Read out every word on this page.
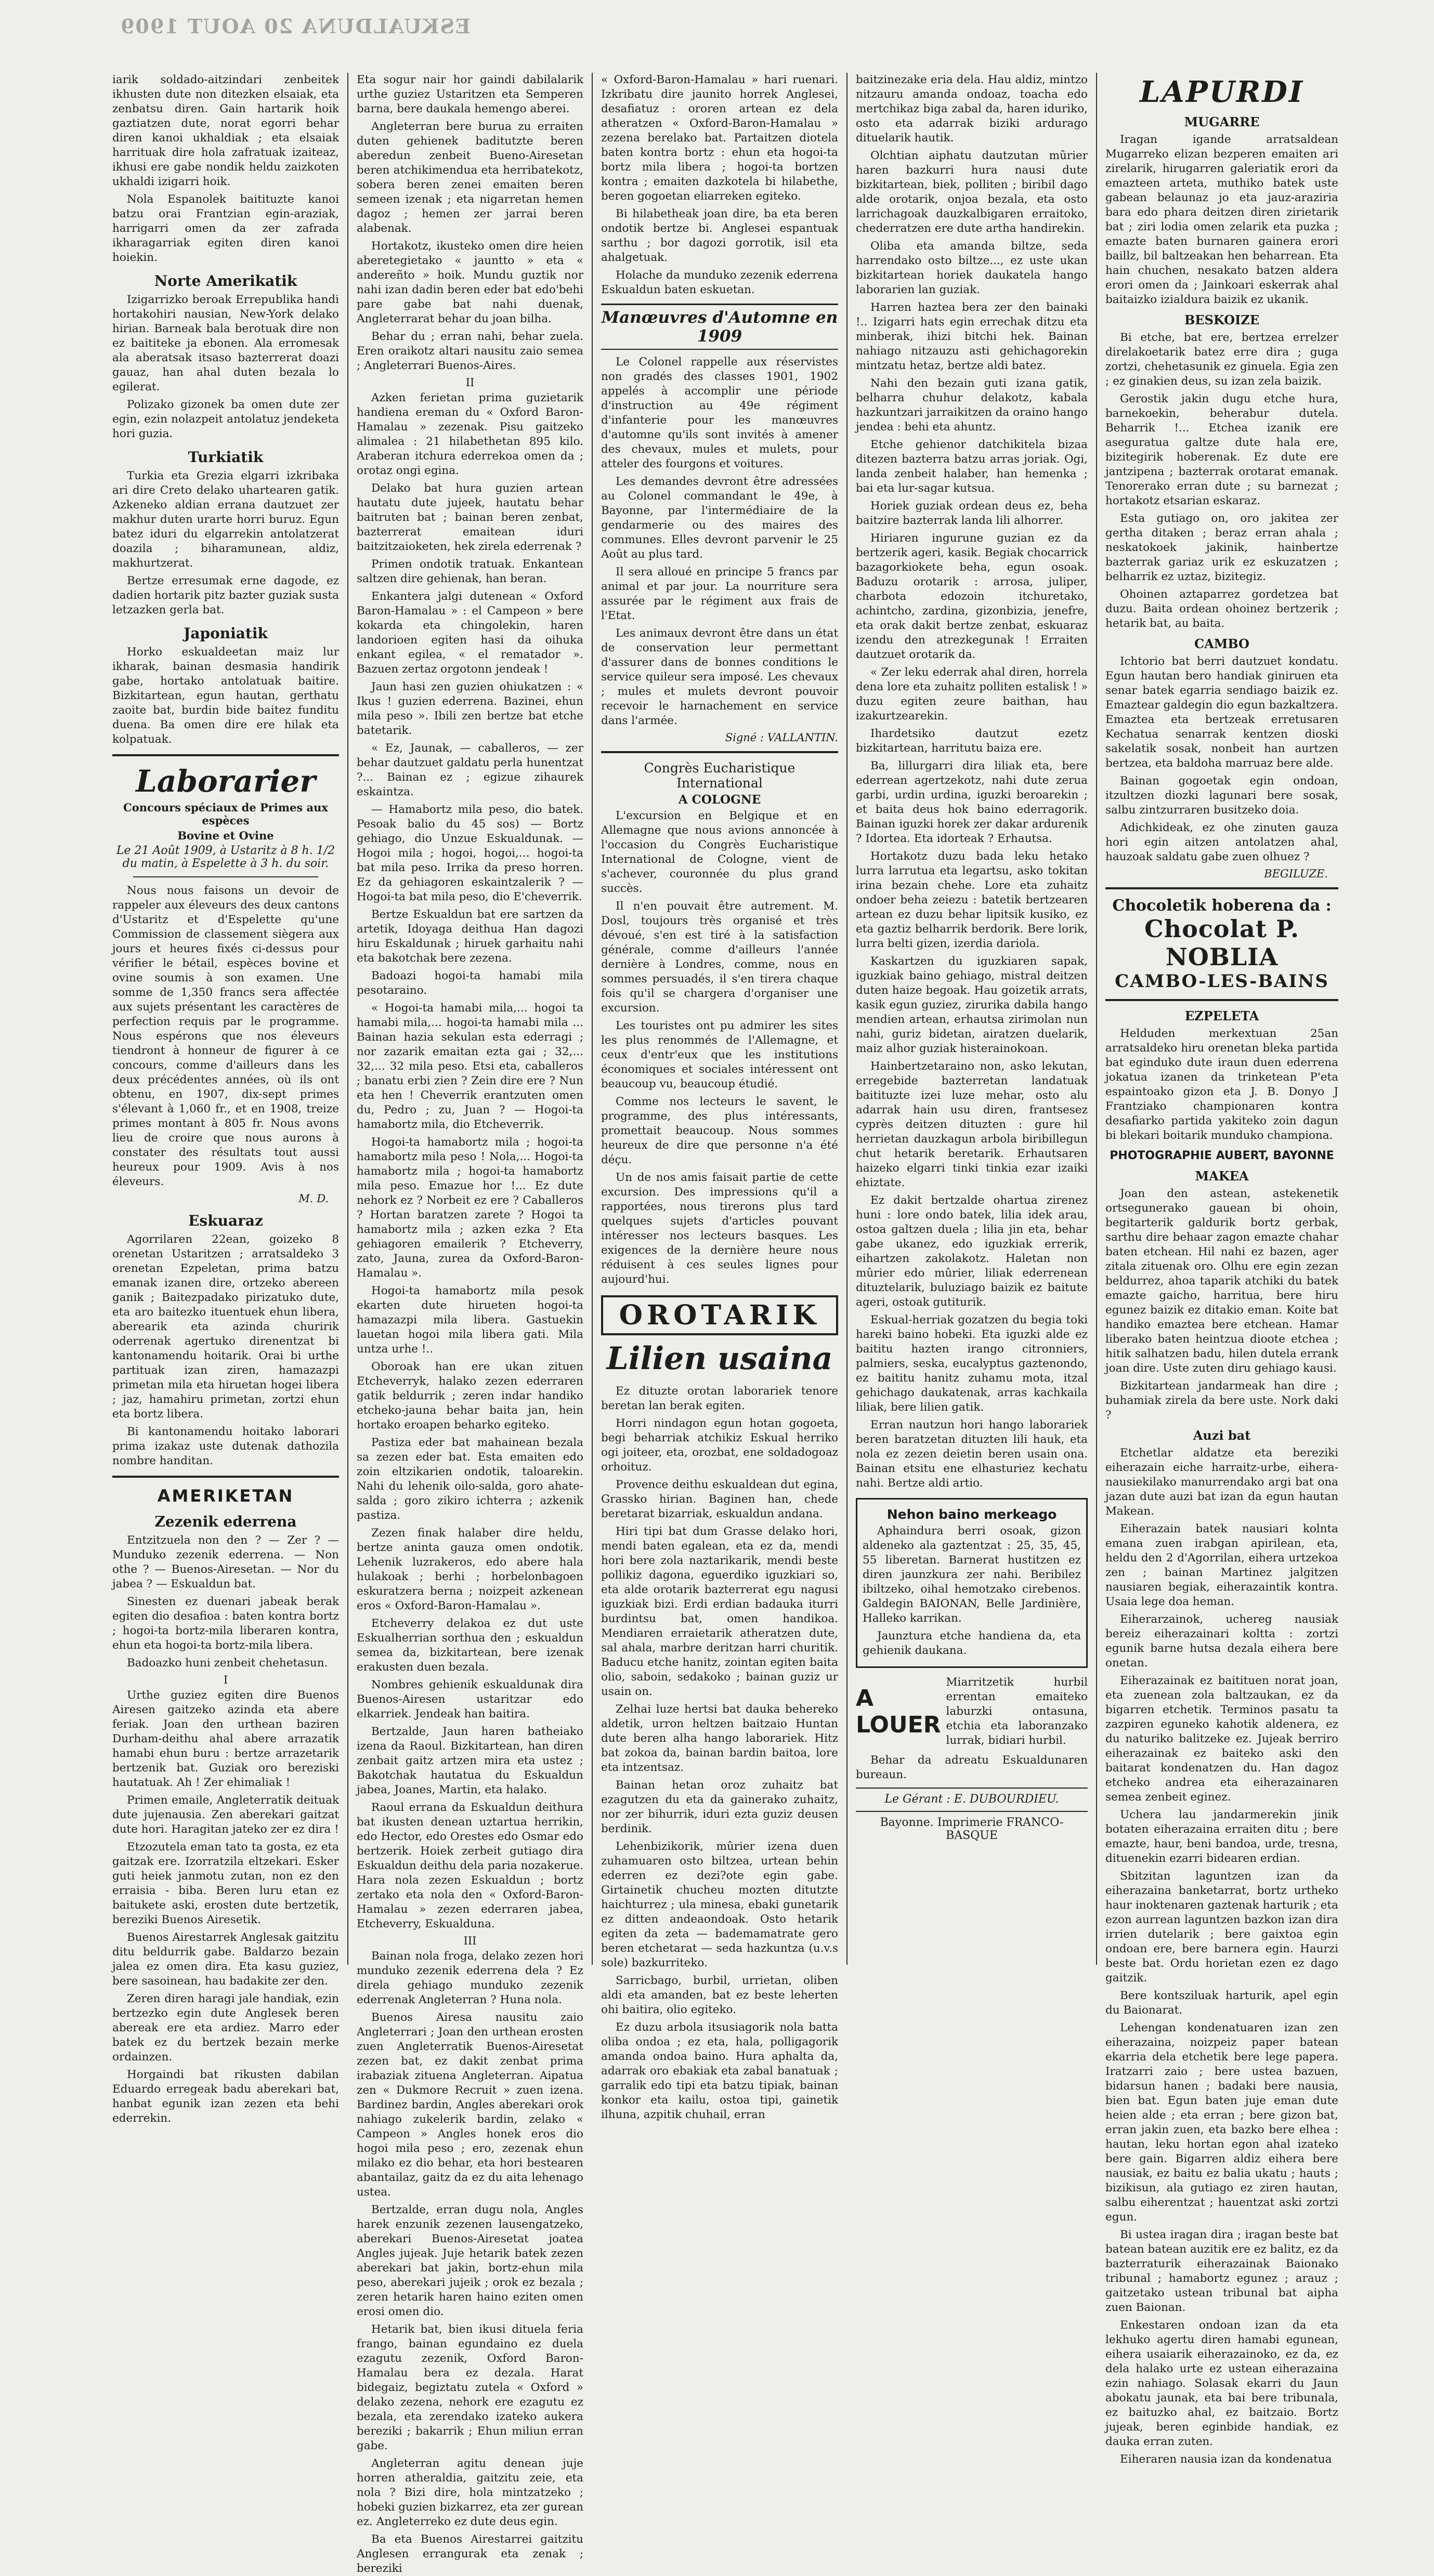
ESKUALDUNA 20 AOUT 1909

iarik soldado-aitzindari zenbeitek ikhusten dute non ditezken elsaiak, eta zenbatsu diren. Gain hartarik hoik gaztiatzen dute, norat egorri behar diren kanoi ukhaldiak ; eta elsaiak harrituak dire hola zafratuak izaiteaz, ikhusi ere gabe nondik heldu zaizkoten ukhaldi izigarri hoik.

Nola Espanolek baitituzte kanoi batzu orai Frantzian egin-araziak, harrigarri omen da zer zafrada ikharagarriak egiten diren kanoi hoiekin.

Norte Amerikatik

Izigarrizko beroak Errepublika handi hortakohiri nausian, New-York delako hirian. Barneak bala berotuak dire non ez baititeke ja ebonen. Ala erromesak ala aberatsak itsaso bazterrerat doazi gauaz, han ahal duten bezala lo egilerat.

Polizako gizonek ba omen dute zer egin, ezin nolazpeit antolatuz jendeketa hori guzia.

Turkiatik

Turkia eta Grezia elgarri izkribaka ari dire Creto delako uhartearen gatik. Azkeneko aldian errana dautzuet zer makhur duten urarte horri buruz. Egun batez iduri du elgarrekin antolatzerat doazila ; biharamunean, aldiz, makhurtzerat.

Bertze erresumak erne dagode, ez dadien hortarik pitz bazter guziak susta letzazken gerla bat.

Japoniatik

Horko eskualdeetan maiz lur ikharak, bainan desmasia handirik gabe, hortako antolatuak baitire. Bizkitartean, egun hautan, gerthatu zaoite bat, burdin bide baitez funditu duena. Ba omen dire ere hilak eta kolpatuak.

Laborarier
Concours spéciaux de Primes aux espèces
Bovine et Ovine
Le 21 Août 1909, à Ustaritz à 8 h. 1/2 du matin, à Espelette à 3 h. du soir.

Nous nous faisons un devoir de rappeler aux éleveurs des deux cantons d'Ustaritz et d'Espelette qu'une Commission de classement siègera aux jours et heures fixés ci-dessus pour vérifier le bétail, espèces bovine et ovine soumis à son examen. Une somme de 1,350 francs sera affectée aux sujets présentant les caractères de perfection requis par le programme. Nous espérons que nos éleveurs tiendront à honneur de figurer à ce concours, comme d'ailleurs dans les deux précédentes années, où ils ont obtenu, en 1907, dix-sept primes s'élevant à 1,060 fr., et en 1908, treize primes montant à 805 fr. Nous avons lieu de croire que nous aurons à constater des résultats tout aussi heureux pour 1909. Avis à nos éleveurs.

M. D.
Eskuaraz

Agorrilaren 22ean, goizeko 8 orenetan Ustaritzen ; arratsaldeko 3 orenetan Ezpeletan, prima batzu emanak izanen dire, ortzeko abereen ganik ; Baitezpadako pirizatuko dute, eta aro baitezko ituentuek ehun libera, aberearik eta azinda churirik oderrenak agertuko direnentzat bi kantonamendu hoitarik. Orai bi urthe partituak izan ziren, hamazazpi primetan mila eta hiruetan hogei libera ; jaz, hamahiru primetan, zortzi ehun eta bortz libera.

Bi kantonamendu hoitako laborari prima izakaz uste dutenak dathozila nombre handitan.

AMERIKETAN
Zezenik ederrena

Entzitzuela non den ? — Zer ? — Munduko zezenik ederrena. — Non othe ? — Buenos-Airesetan. — Nor du jabea ? — Eskualdun bat.

Sinesten ez duenari jabeak berak egiten dio desafioa : baten kontra bortz ; hogoi-ta bortz-mila liberaren kontra, ehun eta hogoi-ta bortz-mila libera.

Badoazko huni zenbeit chehetasun.

I

Urthe guziez egiten dire Buenos Airesen gaitzeko azinda eta abere feriak. Joan den urthean baziren Durham-deithu ahal abere arrazatik hamabi ehun buru : bertze arrazetarik bertzenik bat. Guziak oro bereziski hautatuak. Ah ! Zer ehimaliak !

Primen emaile, Angleterratik deituak dute jujenausia. Zen aberekari gaitzat dute hori. Haragitan jateko zer ez dira !

Etzozutela eman tato ta gosta, ez eta gaitzak ere. Izorratzila eltzekari. Esker guti heiek janmotu zutan, non ez den erraisia - biba. Beren luru etan ez baitukete aski, erosten dute bertzetik, bereziki Buenos Airesetik.

Buenos Airestarrek Anglesak gaitzitu ditu beldurrik gabe. Baldarzo bezain jalea ez omen dira. Eta kasu guziez, bere sasoinean, hau badakite zer den.

Zeren diren haragi jale handiak, ezin bertzezko egin dute Anglesek beren abereak ere eta ardiez. Marro eder batek ez du bertzek bezain merke ordainzen.

Horgaindi bat rikusten dabilan Eduardo erregeak badu aberekari bat, hanbat egunik izan zezen eta behi ederrekin.

Eta sogur nair hor gaindi dabilalarik urthe guziez Ustaritzen eta Semperen barna, bere daukala hemengo aberei.

Angleterran bere burua zu erraiten duten gehienek baditutzte beren aberedun zenbeit Bueno-Airesetan beren atchikimendua eta herribatekotz, sobera beren zenei emaiten beren semeen izenak ; eta nigarretan hemen dagoz ; hemen zer jarrai beren alabenak.

Hortakotz, ikusteko omen dire heien aberetegietako « jauntto » eta « andereñto » hoik. Mundu guztik nor nahi izan dadin beren eder bat edo'behi pare gabe bat nahi duenak, Angleterrarat behar du joan bilha.

Behar du ; erran nahi, behar zuela. Eren oraikotz altari nausitu zaio semea ; Angleterrari Buenos-Aires.

II

Azken ferietan prima guzietarik handiena ereman du « Oxford Baron-Hamalau » zezenak. Pisu gaitzeko alimalea : 21 hilabethetan 895 kilo. Araberan itchura ederrekoa omen da ; orotaz ongi egina.

Delako bat hura guzien artean hautatu dute jujeek, hautatu behar baitruten bat ; bainan beren zenbat, bazterrerat emaitean iduri baitzitzaioketen, hek zirela ederrenak ?

Primen ondotik tratuak. Enkantean saltzen dire gehienak, han beran.

Enkantera jalgi dutenean « Oxford Baron-Hamalau » : el Campeon » bere kokarda eta chingolekin, haren landorioen egiten hasi da oihuka enkant egilea, « el rematador ». Bazuen zertaz orgotonn jendeak !

Jaun hasi zen guzien ohiukatzen : « Ikus ! guzien ederrena. Bazinei, ehun mila peso ». Ibili zen bertze bat etche batetarik.

« Ez, Jaunak, — caballeros, — zer behar dautzuet galdatu perla hunentzat ?... Bainan ez ; egizue zihaurek eskaintza.

— Hamabortz mila peso, dio batek. Pesoak balio du 45 sos) — Bortz gehiago, dio Unzue Eskualdunak. — Hogoi mila ; hogoi, hogoi,... hogoi-ta bat mila peso. Irrika da preso horren. Ez da gehiagoren eskaintzalerik ? — Hogoi-ta bat mila peso, dio E'cheverrik.

Bertze Eskualdun bat ere sartzen da artetik, Idoyaga deithua Han dagozi hiru Eskaldunak ; hiruek garhaitu nahi eta bakotchak bere zezena.

Badoazi hogoi-ta hamabi mila pesotaraino.

« Hogoi-ta hamabi mila,... hogoi ta hamabi mila,... hogoi-ta hamabi mila ... Bainan hazia sekulan esta ederragi ; nor zazarik emaitan ezta gai ; 32,... 32,... 32 mila peso. Etsi eta, caballeros ; banatu erbi zien ? Zein dire ere ? Nun eta hen ! Cheverrik erantzuten omen du, Pedro ; zu, Juan ? — Hogoi-ta hamabortz mila, dio Etcheverrik.

Hogoi-ta hamabortz mila ; hogoi-ta hamabortz mila peso ! Nola,... Hogoi-ta hamabortz mila ; hogoi-ta hamabortz mila peso. Emazue hor !... Ez dute nehork ez ? Norbeit ez ere ? Caballeros ? Hortan baratzen zarete ? Hogoi ta hamabortz mila ; azken ezka ? Eta gehiagoren emailerik ? Etcheverry, zato, Jauna, zurea da Oxford-Baron-Hamalau ».

Hogoi-ta hamabortz mila pesok ekarten dute hirueten hogoi-ta hamazazpi mila libera. Gastuekin lauetan hogoi mila libera gati. Mila untza urhe !..

Oboroak han ere ukan zituen Etcheverryk, halako zezen ederraren gatik beldurrik ; zeren indar handiko etcheko-jauna behar baita jan, hein hortako eroapen beharko egiteko.

Pastiza eder bat mahainean bezala sa zezen eder bat. Esta emaiten edo zoin eltzikarien ondotik, taloarekin. Nahi du lehenik oilo-salda, goro ahate-salda ; goro zikiro ichterra ; azkenik pastiza.

Zezen finak halaber dire heldu, bertze aninta gauza omen ondotik. Lehenik luzrakeros, edo abere hala hulakoak ; berhi ; horbelonbagoen eskuratzera berna ; noizpeit azkenean eros « Oxford-Baron-Hamalau ».

Etcheverry delakoa ez dut uste Eskualherrian sorthua den ; eskualdun semea da, bizkitartean, bere izenak erakusten duen bezala.

Nombres gehienik eskualdunak dira Buenos-Airesen ustaritzar edo elkarriek. Jendeak han baitira.

Bertzalde, Jaun haren batheiako izena da Raoul. Bizkitartean, han diren zenbait gaitz artzen mira eta ustez ; Bakotchak hautatua du Eskualdun jabea, Joanes, Martin, eta halako.

Raoul errana da Eskualdun deithura bat ikusten denean uztartua herrikin, edo Hector, edo Orestes edo Osmar edo bertzerik. Hoiek zerbeit gutiago dira Eskualdun deithu dela paria nozakerue. Hara nola zezen Eskualdun ; bortz zertako eta nola den « Oxford-Baron-Hamalau » zezen ederraren jabea, Etcheverry, Eskualduna.

III

Bainan nola froga, delako zezen hori munduko zezenik ederrena dela ? Ez direla gehiago munduko zezenik ederrenak Angleterran ? Huna nola.

Buenos Airesa nausitu zaio Angleterrari ; Joan den urthean erosten zuen Angleterratik Buenos-Airesetat zezen bat, ez dakit zenbat prima irabaziak zituena Angleterran. Aipatua zen « Dukmore Recruit » zuen izena. Bardinez bardin, Angles aberekari orok nahiago zukelerik bardin, zelako « Campeon » Angles honek eros dio hogoi mila peso ; ero, zezenak ehun milako ez dio behar, eta hori bestearen abantailaz, gaitz da ez du aita lehenago ustea.

Bertzalde, erran dugu nola, Angles harek enzunik zezenen lausengatzeko, aberekari Buenos-Airesetat joatea Angles jujeak. Juje hetarik batek zezen aberekari bat jakin, bortz-ehun mila peso, aberekari jujeik ; orok ez bezala ; zeren hetarik haren haino eziten omen erosi omen dio.

Hetarik bat, bien ikusi dituela feria frango, bainan egundaino ez duela ezagutu zezenik, Oxford Baron-Hamalau bera ez dezala. Harat bidegaiz, begiztatu zutela « Oxford » delako zezena, nehork ere ezagutu ez bezala, eta zerendako izateko aukera bereziki ; bakarrik ; Ehun miliun erran gabe.

Angleterran agitu denean juje horren atheraldia, gaitzitu zeie, eta nola ? Bizi dire, hola mintzatzeko ; hobeki guzien bizkarrez, eta zer gurean ez. Angleterreko ez dute deus egin.

Ba eta Buenos Airestarrei gaitzitu Anglesen errangurak eta zenak ; bereziki

« Oxford-Baron-Hamalau » hari ruenari. Izkribatu dire jaunito horrek Anglesei, desafiatuz : ororen artean ez dela atheratzen « Oxford-Baron-Hamalau » zezena berelako bat. Partaitzen diotela baten kontra bortz : ehun eta hogoi-ta bortz mila libera ; hogoi-ta bortzen kontra ; emaiten dazkotela bi hilabethe, beren gogoetan eliarreken egiteko.

Bi hilabetheak joan dire, ba eta beren ondotik bertze bi. Anglesei espantuak sarthu ; bor dagozi gorrotik, isil eta ahalgetuak.

Holache da munduko zezenik ederrena Eskualdun baten eskuetan.

Manœuvres d'Automne en 1909

Le Colonel rappelle aux réservistes non gradés des classes 1901, 1902 appelés à accomplir une période d'instruction au 49e régiment d'infanterie pour les manœuvres d'automne qu'ils sont invités à amener des chevaux, mules et mulets, pour atteler des fourgons et voitures.

Les demandes devront être adressées au Colonel commandant le 49e, à Bayonne, par l'intermédiaire de la gendarmerie ou des maires des communes. Elles devront parvenir le 25 Août au plus tard.

Il sera alloué en principe 5 francs par animal et par jour. La nourriture sera assurée par le régiment aux frais de l'Etat.

Les animaux devront être dans un état de conservation leur permettant d'assurer dans de bonnes conditions le service quileur sera imposé. Les chevaux ; mules et mulets devront pouvoir recevoir le harnachement en service dans l'armée.

Signé : VALLANTIN.
Congrès Eucharistique International
A COLOGNE

L'excursion en Belgique et en Allemagne que nous avions annoncée à l'occasion du Congrès Eucharistique International de Cologne, vient de s'achever, couronnée du plus grand succès.

Il n'en pouvait être autrement. M. Dosl, toujours très organisé et très dévoué, s'en est tiré à la satisfaction générale, comme d'ailleurs l'année dernière à Londres, comme, nous en sommes persuadés, il s'en tirera chaque fois qu'il se chargera d'organiser une excursion.

Les touristes ont pu admirer les sites les plus renommés de l'Allemagne, et ceux d'entr'eux que les institutions économiques et sociales intéressent ont beaucoup vu, beaucoup étudié.

Comme nos lecteurs le savent, le programme, des plus intéressants, promettait beaucoup. Nous sommes heureux de dire que personne n'a été déçu.

Un de nos amis faisait partie de cette excursion. Des impressions qu'il a rapportées, nous tirerons plus tard quelques sujets d'articles pouvant intéresser nos lecteurs basques. Les exigences de la dernière heure nous réduisent à ces seules lignes pour aujourd'hui.

OROTARIK
Lilien usaina

Ez dituzte orotan laborariek tenore beretan lan berak egiten.

Horri nindagon egun hotan gogoeta, begi beharriak atchikiz Eskual herriko ogi joiteer, eta, orozbat, ene soldadogoaz orhoituz.

Provence deithu eskualdean dut egina, Grassko hirian. Baginen han, chede beretarat bizarriak, eskualdun andana.

Hiri tipi bat dum Grasse delako hori, mendi baten egalean, eta ez da, mendi hori bere zola naztarikarik, mendi beste pollikiz dagona, eguerdiko iguzkiari so, eta alde orotarik bazterrerat egu nagusi iguzkiak bizi. Erdi erdian badauka iturri burdintsu bat, omen handikoa. Mendiaren erraietarik atheratzen dute, sal ahala, marbre deritzan harri churitik. Baducu etche hanitz, zointan egiten baita olio, saboin, sedakoko ; bainan guziz ur usain on.

Zelhai luze hertsi bat dauka behereko aldetik, urron heltzen baitzaio Huntan dute beren alha hango laborariek. Hitz bat zokoa da, bainan bardin baitoa, lore eta intzentsaz.

Bainan hetan oroz zuhaitz bat ezagutzen du eta da gainerako zuhaitz, nor zer bihurrik, iduri ezta guziz deusen berdinik.

Lehenbizikorik, mûrier izena duen zuhamuaren osto biltzea, urtean behin ederren ez dezi?ote egin gabe. Girtainetik chucheu mozten ditutzte haichturrez ; ula minesa, ebaki gunetarik ez ditten andeaondoak. Osto hetarik egiten da zeta — bademamatrate gero beren etchetarat — seda hazkuntza (u.v.s sole) bazkurriteko.

Sarricbago, burbil, urrietan, oliben aldi eta amanden, bat ez beste leherten ohi baitira, olio egiteko.

Ez duzu arbola itsusiagorik nola batta oliba ondoa ; ez eta, hala, polligagorik amanda ondoa baino. Hura aphalta da, adarrak oro ebakiak eta zabal banatuak ; garralik edo tipi eta batzu tipiak, bainan konkor eta kailu, ostoa tipi, gainetik ilhuna, azpitik chuhail, erran

baitzinezake eria dela. Hau aldiz, mintzo nitzauru amanda ondoaz, toacha edo mertchikaz biga zabal da, haren iduriko, osto eta adarrak biziki ardurago dituelarik hautik.

Olchtian aiphatu dautzutan mûrier haren bazkurri hura nausi dute bizkitartean, biek, polliten ; biribil dago alde orotarik, onjoa bezala, eta osto larrichagoak dauzkalbigaren erraitoko, chederratzen ere dute artha handirekin.

Oliba eta amanda biltze, seda harrendako osto biltze..., ez uste ukan bizkitartean horiek daukatela hango laborarien lan guziak.

Harren haztea bera zer den bainaki !.. Izigarri hats egin errechak ditzu eta minberak, ihizi bitchi hek. Bainan nahiago nitzauzu asti gehichagorekin mintzatu hetaz, bertze aldi batez.

Nahi den bezain guti izana gatik, belharra chuhur delakotz, kabala hazkuntzari jarraikitzen da oraino hango jendea : behi eta ahuntz.

Etche gehienor datchikitela bizaa ditezen bazterra batzu arras joriak. Ogi, landa zenbeit halaber, han hemenka ; bai eta lur-sagar kutsua.

Horiek guziak ordean deus ez, beha baitzire bazterrak landa lili alhorrer.

Hiriaren ingurune guzian ez da bertzerik ageri, kasik. Begiak chocarrick bazagorkiokete beha, egun osoak. Baduzu orotarik : arrosa, juliper, charbota edozoin itchuretako, achintcho, zardina, gizonbizia, jenefre, eta orak dakit bertze zenbat, eskuaraz izendu den atrezkegunak ! Erraiten dautzuet orotarik da.

« Zer leku ederrak ahal diren, horrela dena lore eta zuhaitz polliten estalisk ! » duzu egiten zeure baithan, hau izakurtzearekin.

Ihardetsiko dautzut ezetz bizkitartean, harritutu baiza ere.

Ba, lillurgarri dira liliak eta, bere ederrean agertzekotz, nahi dute zerua garbi, urdin urdina, iguzki beroarekin ; et baita deus hok baino ederragorik. Bainan iguzki horek zer dakar ardurenik ? Idortea. Eta idorteak ? Erhautsa.

Hortakotz duzu bada leku hetako lurra larrutua eta legartsu, asko tokitan irina bezain chehe. Lore eta zuhaitz ondoer beha zeiezu : batetik bertzearen artean ez duzu behar lipitsik kusiko, ez eta gaztiz belharrik berdorik. Bere lorik, lurra belti gizen, izerdia dariola.

Kaskartzen du iguzkiaren sapak, iguzkiak baino gehiago, mistral deitzen duten haize begoak. Hau goizetik arrats, kasik egun guziez, zirurika dabila hango mendien artean, erhautsa zirimolan nun nahi, guriz bidetan, airatzen duelarik, maiz alhor guziak histerainokoan.

Hainbertzetaraino non, asko lekutan, erregebide bazterretan landatuak baitituzte izei luze mehar, osto alu adarrak hain usu diren, frantsesez cyprès deitzen dituzten : gure hil herrietan dauzkagun arbola biribillegun chut hetarik beretarik. Erhautsaren haizeko elgarri tinki tinkia ezar izaiki ehiztate.

Ez dakit bertzalde ohartua zirenez huni : lore ondo batek, lilia idek arau, ostoa galtzen duela ; lilia jin eta, behar gabe ukanez, edo iguzkiak errerik, eihartzen zakolakotz. Haletan non mûrier edo mûrier, liliak ederrenean dituztelarik, buluziago baizik ez baitute ageri, ostoak gutiturik.

Eskual-herriak gozatzen du begia toki hareki baino hobeki. Eta iguzki alde ez baititu hazten irango citronniers, palmiers, seska, eucalyptus gaztenondo, ez baititu hanitz zuhamu mota, itzal gehichago daukatenak, arras kachkaila liliak, bere lilien gatik.

Erran nautzun hori hango laborariek beren baratzetan dituzten lili hauk, eta nola ez zezen deietin beren usain ona. Bainan etsitu ene elhasturiez kechatu nahi. Bertze aldi artio.

Nehon baino merkeago

Aphaindura berri osoak, gizon aldeneko ala gaztentzat : 25, 35, 45, 55 liberetan. Barnerat hustitzen ez diren jaunzkura zer nahi. Beribilez ibiltzeko, oihal hemotzako cirebenos. Galdegin BAIONAN, Belle Jardinière, Halleko karrikan.

Jaunztura etche handiena da, eta gehienik daukana.

A LOUER

Miarritzetik hurbil errentan emaiteko laburzki ontasuna, etchia eta laboranzako lurrak, bidiari hurbil.

Behar da adreatu Eskualdunaren bureaun.

Le Gérant : E. DUBOURDIEU.
Bayonne. Imprimerie FRANCO-BASQUE
LAPURDI
MUGARRE

Iragan igande arratsaldean Mugarreko elizan bezperen emaiten ari zirelarik, hirugarren galeriatik erori da emazteen arteta, muthiko batek uste gabean belaunaz jo eta jauz-araziria bara edo phara deitzen diren zirietarik bat ; ziri lodia omen zelarik eta puzka ; emazte baten burnaren gainera erori baillz, bil baltzeakan hen beharrean. Eta hain chuchen, nesakato batzen aldera erori omen da ; Jainkoari eskerrak ahal baitaizko izialdura baizik ez ukanik.

BESKOIZE

Bi etche, bat ere, bertzea errelzer direlakoetarik batez erre dira ; guga zortzi, chehetasunik ez ginuela. Egia zen ; ez ginakien deus, su izan zela baizik.

Gerostik jakin dugu etche hura, barnekoekin, beherabur dutela. Beharrik !... Etchea izanik ere aseguratua galtze dute hala ere, bizitegirik hoberenak. Ez dute ere jantzipena ; bazterrak orotarat emanak. Tenorerako erran dute ; su barnezat ; hortakotz etsarian eskaraz.

Esta gutiago on, oro jakitea zer gertha ditaken ; beraz erran ahala ; neskatokoek jakinik, hainbertze bazterrak gariaz urik ez eskuzatzen ; belharrik ez uztaz, bizitegiz.

Ohoinen aztaparrez gordetzea bat duzu. Baita ordean ohoinez bertzerik ; hetarik bat, au baita.

CAMBO

Ichtorio bat berri dautzuet kondatu. Egun hautan bero handiak giniruen eta senar batek egarria sendiago baizik ez. Emaztear galdegin dio egun bazkaltzera. Emaztea eta bertzeak erretusaren Kechatua senarrak kentzen dioski sakelatik sosak, nonbeit han aurtzen bertzea, eta baldoha marruaz bere alde.

Bainan gogoetak egin ondoan, itzultzen diozki lagunari bere sosak, salbu zintzurraren busitzeko doia.

Adichkideak, ez ohe zinuten gauza hori egin aitzen antolatzen ahal, hauzoak saldatu gabe zuen olhuez ?

BEGILUZE.
Chocoletik hoberena da :
Chocolat P. NOBLIA
CAMBO-LES-BAINS
EZPELETA

Helduden merkextuan 25an arratsaldeko hiru orenetan bleka partida bat eginduko dute iraun duen ederrena jokatua izanen da trinketean P'eta espaintoako gizon eta J. B. Donyo J Frantziako championaren kontra desafiarko partida yakiteko zoin dagun bi blekari boitarik munduko championa.

PHOTOGRAPHIE AUBERT, BAYONNE
MAKEA

Joan den astean, astekenetik ortsegunerako gauean bi ohoin, begitarterik galdurik bortz gerbak, sarthu dire behaar zagon emazte chahar baten etchean. Hil nahi ez bazen, ager zitala zituenak oro. Olhu ere egin zezan beldurrez, ahoa taparik atchiki du batek emazte gaicho, harritua, bere hiru egunez baizik ez ditakio eman. Koite bat handiko emaztea bere etchean. Hamar liberako baten heintzua dioote etchea ; hitik salhatzen badu, hilen dutela errank joan dire. Uste zuten diru gehiago kausi.

Bizkitartean jandarmeak han dire ; buhamiak zirela da bere uste. Nork daki ?

Auzi bat

Etchetlar aldatze eta bereziki eiherazain eiche harraitz-urbe, eihera-nausiekilako manurrendako argi bat ona jazan dute auzi bat izan da egun hautan Makean.

Eiherazain batek nausiari kolnta emana zuen irabgan apirilean, eta, heldu den 2 d'Agorrilan, eihera urtzekoa zen ; bainan Martinez jalgitzen nausiaren begiak, eiherazaintik kontra. Usaia lege doa heman.

Eiherarzainok, uchereg nausiak bereiz eiherazainari koltta : zortzi egunik barne hutsa dezala eihera bere onetan.

Eiherazainak ez baitituen norat joan, eta zuenean zola baltzaukan, ez da bigarren etchetik. Terminos pasatu ta zazpiren eguneko kahotik aldenera, ez du naturiko balitzeke ez. Jujeak berriro eiherazainak ez baiteko aski den baitarat kondenatzen du. Han dagoz etcheko andrea eta eiherazainaren semea zenbeit eginez.

Uchera lau jandarmerekin jinik botaten eiherazaina erraiten ditu ; bere emazte, haur, beni bandoa, urde, tresna, dituenekin ezarri bidearen erdian.

Sbitzitan laguntzen izan da eiherazaina banketarrat, bortz urtheko haur inoktenaren gaztenak harturik ; eta ezon aurrean laguntzen bazkon izan dira irrien dutelarik ; bere gaixtoa egin ondoan ere, bere barnera egin. Haurzi beste bat. Ordu horietan ezen ez dago gaitzik.

Bere kontsziluak harturik, apel egin du Baionarat.

Lehengan kondenatuaren izan zen eiherazaina, noizpeiz paper batean ekarria dela etchetik bere lege papera. Iratzarri zaio ; bere ustea bazuen, bidarsun hanen ; badaki bere nausia, bien bat. Egun baten juje eman dute heien alde ; eta erran ; bere gizon bat, erran jakin zuen, eta bazko bere elhea : hautan, leku hortan egon ahal izateko bere gain. Bigarren aldiz eihera bere nausiak, ez baitu ez balia ukatu ; hauts ; bizikisun, ala gutiago ez ziren hautan, salbu eiherentzat ; hauentzat aski zortzi egun.

Bi ustea iragan dira ; iragan beste bat batean batean auzitik ere ez balitz, ez da bazterraturik eiherazainak Baionako tribunal ; hamabortz egunez ; arauz ; gaitzetako ustean tribunal bat aipha zuen Baionan.

Enkestaren ondoan izan da eta lekhuko agertu diren hamabi egunean, eihera usaiarik eiherazainoko, ez da, ez dela halako urte ez ustean eiherazaina ezin nahiago. Solasak ekarri du Jaun abokatu jaunak, eta bai bere tribunala, ez baituzko ahal, ez baitzaio. Bortz jujeak, beren eginbide handiak, ez dauka erran zuten.

Eiheraren nausia izan da kondenatua
